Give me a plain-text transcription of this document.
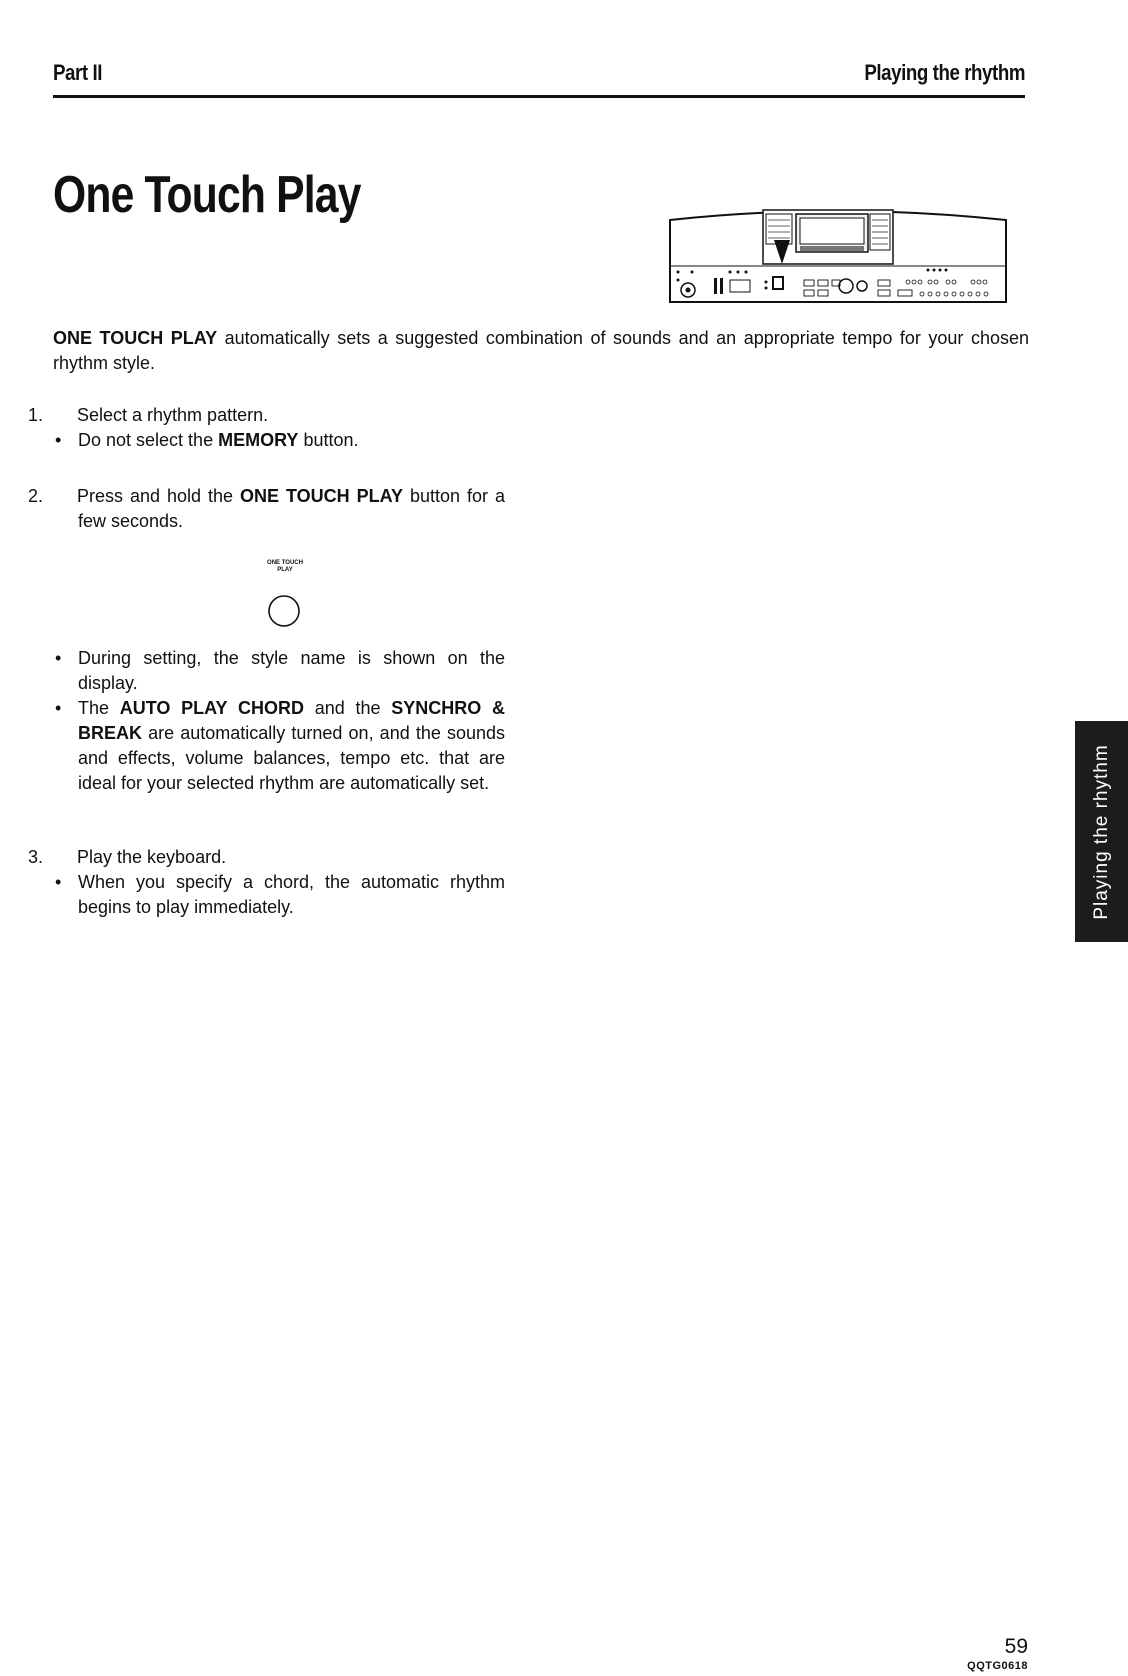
Part II	Playing the rhythm
One Touch Play

ONE TOUCH PLAY automatically sets a suggested combination of sounds and an appropriate tempo for your chosen rhythm style.

1. Select a rhythm pattern.
• Do not select the MEMORY button.
2. Press and hold the ONE TOUCH PLAY button for a few seconds.
ONE TOUCH
PLAY
• During setting, the style name is shown on the display.
• The AUTO PLAY CHORD and the SYNCHRO & BREAK are automatically turned on, and the sounds and effects, volume balances, tempo etc. that are ideal for your selected rhythm are automatically set.
3. Play the keyboard.
• When you specify a chord, the automatic rhythm begins to play immediately.	Playing the rhythm
59
QQTG0618
